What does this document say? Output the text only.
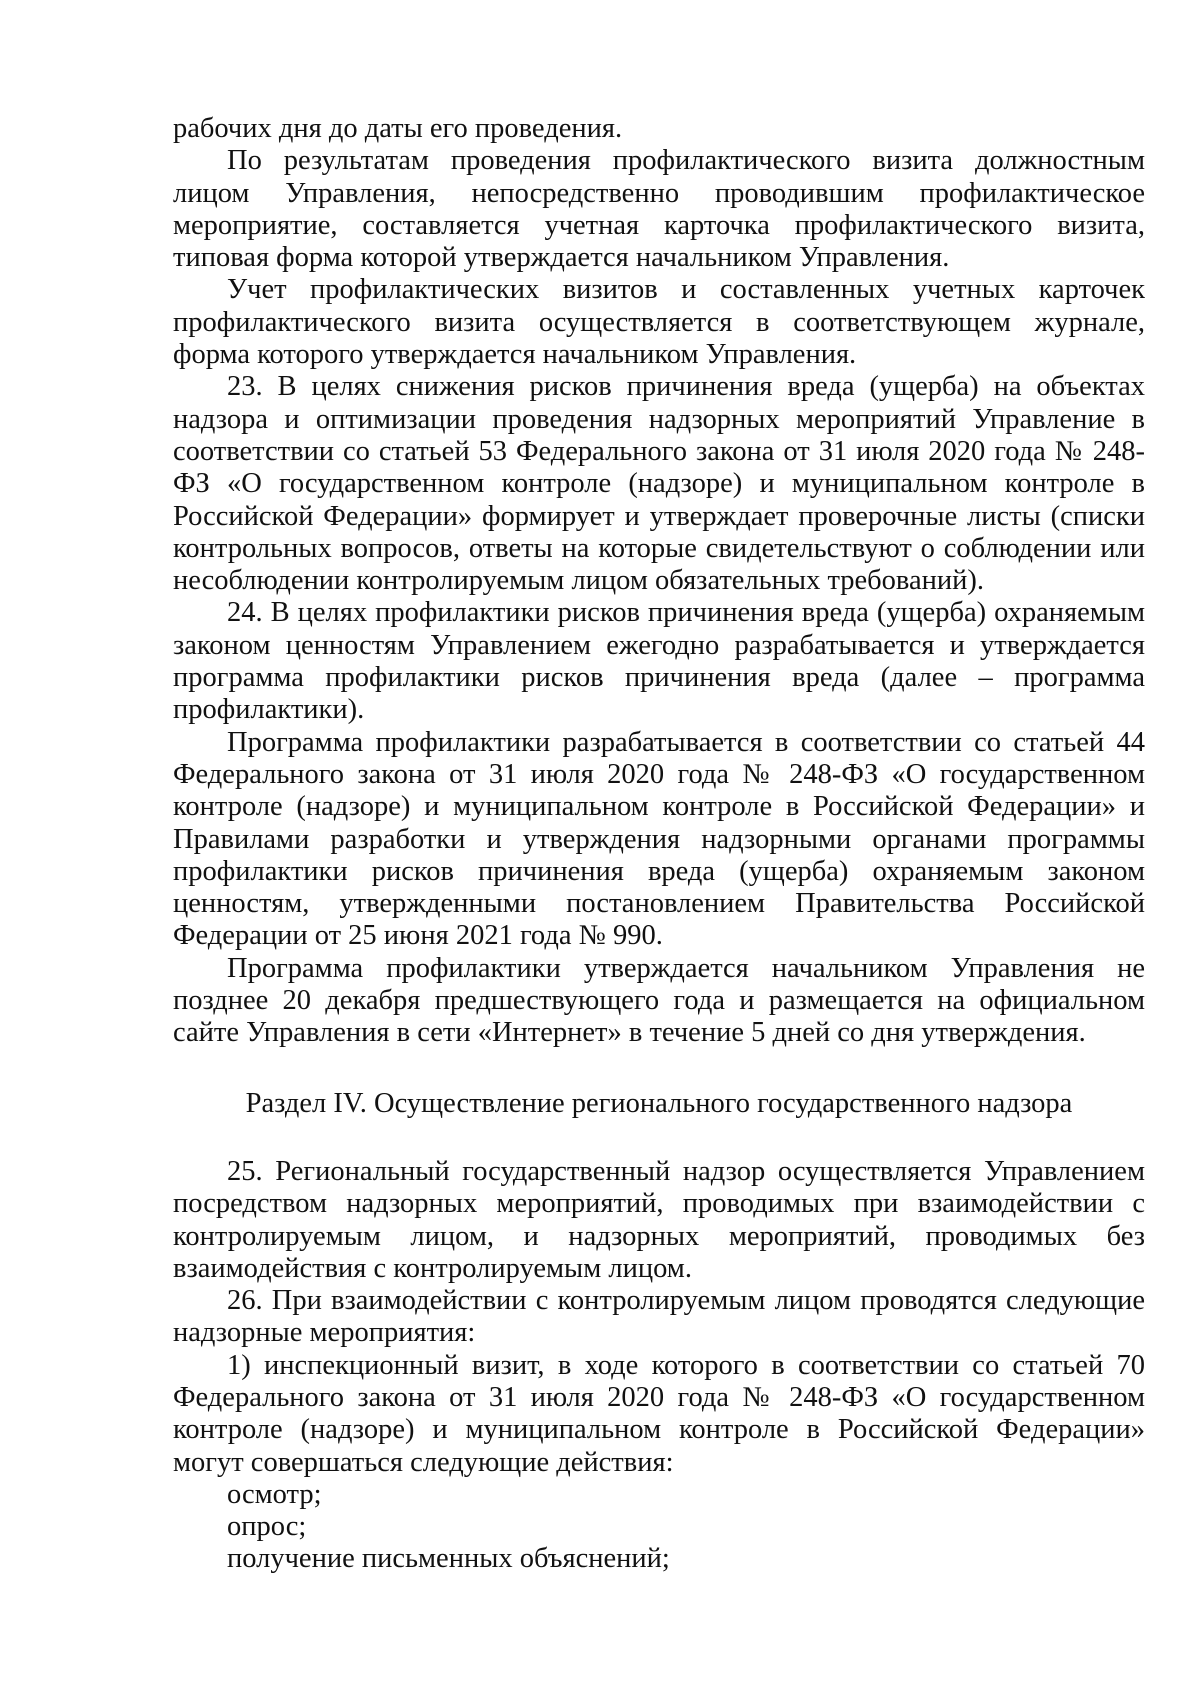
рабочих дня до даты его проведения.

По результатам проведения профилактического визита должностным лицом Управления, непосредственно проводившим профилактическое мероприятие, составляется учетная карточка профилактического визита, типовая форма которой утверждается начальником Управления.

Учет профилактических визитов и составленных учетных карточек профилактического визита осуществляется в соответствующем журнале, форма которого утверждается начальником Управления.

23. В целях снижения рисков причинения вреда (ущерба) на объектах надзора и оптимизации проведения надзорных мероприятий Управление в соответствии со статьей 53 Федерального закона от 31 июля 2020 года № 248-ФЗ «О государственном контроле (надзоре) и муниципальном контроле в Российской Федерации» формирует и утверждает проверочные листы (списки контрольных вопросов, ответы на которые свидетельствуют о соблюдении или несоблюдении контролируемым лицом обязательных требований).

24. В целях профилактики рисков причинения вреда (ущерба) охраняемым законом ценностям Управлением ежегодно разрабатывается и утверждается программа профилактики рисков причинения вреда (далее – программа профилактики).

Программа профилактики разрабатывается в соответствии со статьей 44 Федерального закона от 31 июля 2020 года № 248-ФЗ «О государственном контроле (надзоре) и муниципальном контроле в Российской Федерации» и Правилами разработки и утверждения надзорными органами программы профилактики рисков причинения вреда (ущерба) охраняемым законом ценностям, утвержденными постановлением Правительства Российской Федерации от 25 июня 2021 года № 990.

Программа профилактики утверждается начальником Управления не позднее 20 декабря предшествующего года и размещается на официальном сайте Управления в сети «Интернет» в течение 5 дней со дня утверждения.

Раздел IV. Осуществление регионального государственного надзора

25. Региональный государственный надзор осуществляется Управлением посредством надзорных мероприятий, проводимых при взаимодействии с контролируемым лицом, и надзорных мероприятий, проводимых без взаимодействия с контролируемым лицом.

26. При взаимодействии с контролируемым лицом проводятся следующие надзорные мероприятия:

1) инспекционный визит, в ходе которого в соответствии со статьей 70 Федерального закона от 31 июля 2020 года № 248-ФЗ «О государственном контроле (надзоре) и муниципальном контроле в Российской Федерации» могут совершаться следующие действия:

осмотр;

опрос;

получение письменных объяснений;
